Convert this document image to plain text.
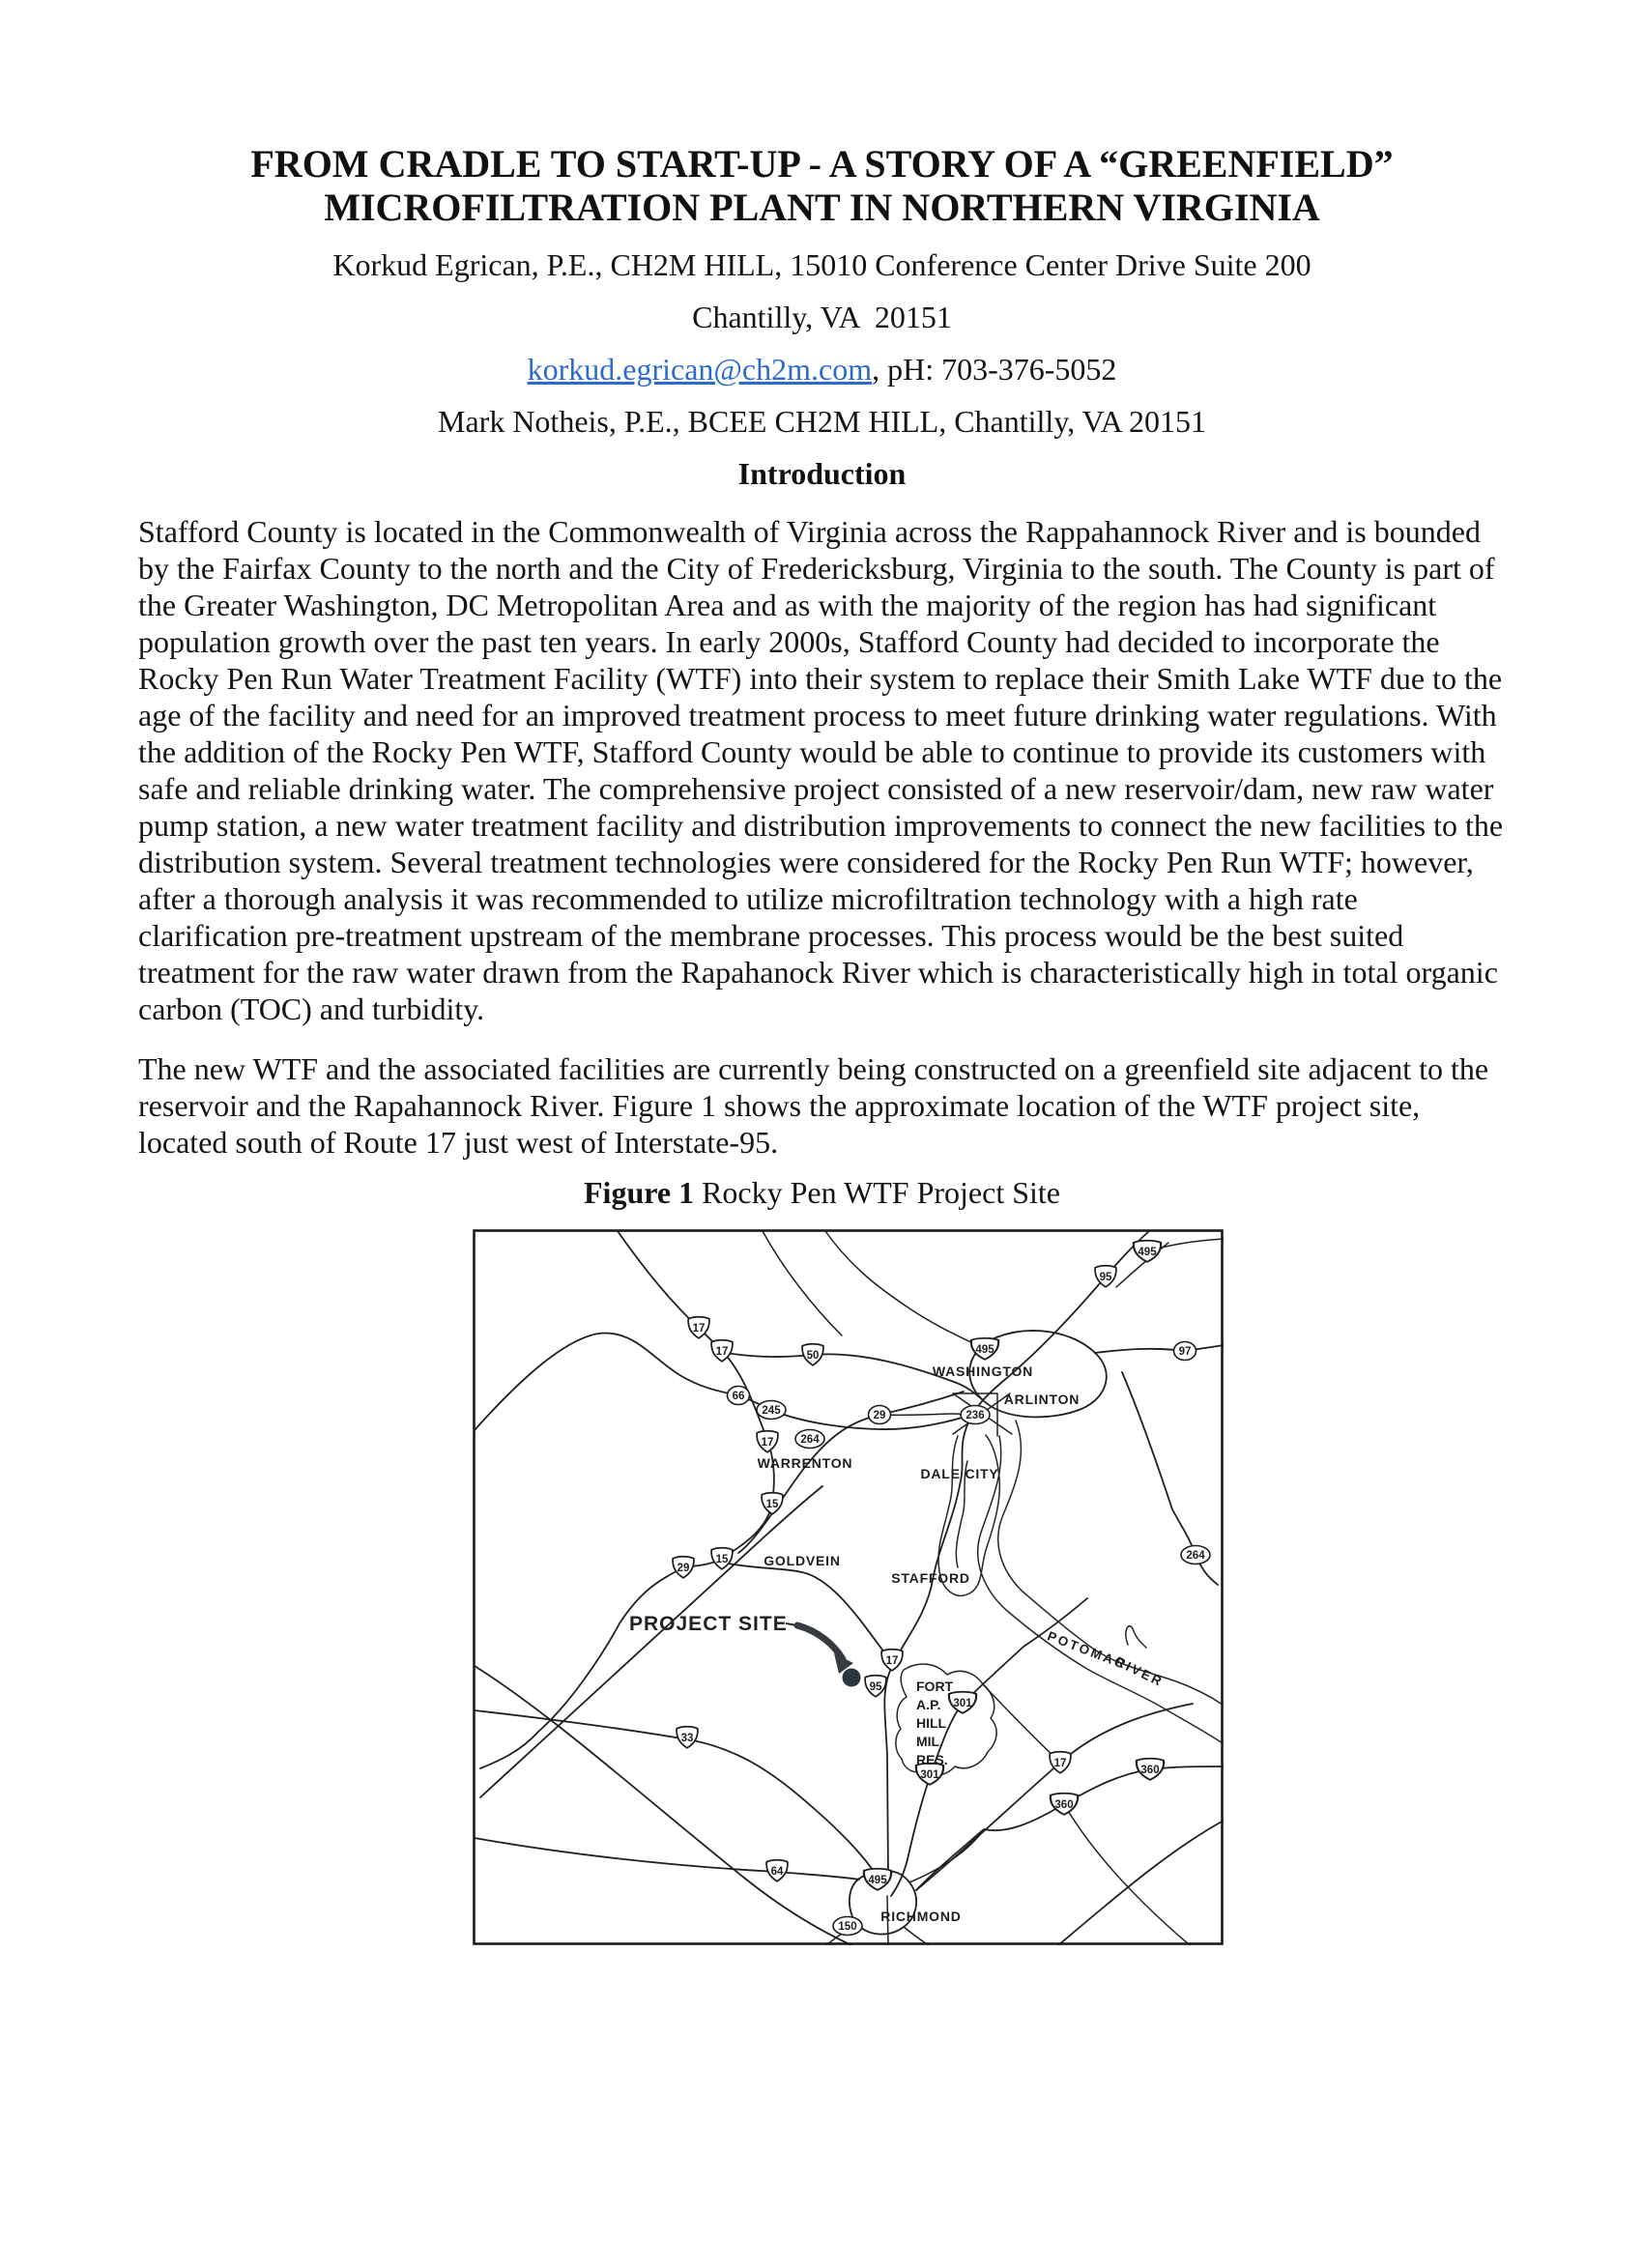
FROM CRADLE TO START-UP - A STORY OF A “GREENFIELD”
MICROFILTRATION PLANT IN NORTHERN VIRGINIA

Korkud Egrican, P.E., CH2M HILL, 15010 Conference Center Drive Suite 200

Chantilly, VA  20151

korkud.egrican@ch2m.com, pH: 703-376-5052

Mark Notheis, P.E., BCEE CH2M HILL, Chantilly, VA 20151

Introduction

Stafford County is located in the Commonwealth of Virginia across the Rappahannock River and is bounded by the Fairfax County to the north and the City of Fredericksburg, Virginia to the south. The County is part of the Greater Washington, DC Metropolitan Area and as with the majority of the region has had significant population growth over the past ten years. In early 2000s, Stafford County had decided to incorporate the Rocky Pen Run Water Treatment Facility (WTF) into their system to replace their Smith Lake WTF due to the age of the facility and need for an improved treatment process to meet future drinking water regulations. With the addition of the Rocky Pen WTF, Stafford County would be able to continue to provide its customers with safe and reliable drinking water. The comprehensive project consisted of a new reservoir/dam, new raw water pump station, a new water treatment facility and distribution improvements to connect the new facilities to the distribution system. Several treatment technologies were considered for the Rocky Pen Run WTF; however, after a thorough analysis it was recommended to utilize microfiltration technology with a high rate clarification pre-treatment upstream of the membrane processes. This process would be the best suited treatment for the raw water drawn from the Rapahanock River which is characteristically high in total organic carbon (TOC) and turbidity.

The new WTF and the associated facilities are currently being constructed on a greenfield site adjacent to the reservoir and the Rapahannock River. Figure 1 shows the approximate location of the WTF project site, located south of Route 17 just west of Interstate-95.

Figure 1 Rocky Pen WTF Project Site

17
17	50
66
245	29
495
236
95
495
97
17 264
15
15
29
264
17
95
301
33
301
17
360
360
64
495
150
WASHINGTON
ARLINTON
WARRENTON
DALE CITY
GOLDVEIN
STAFFORD
RICHMOND
POTOMAC
RIVER
FORT
A.P.
HILL
MIL.
RES.
PROJECT SITE
